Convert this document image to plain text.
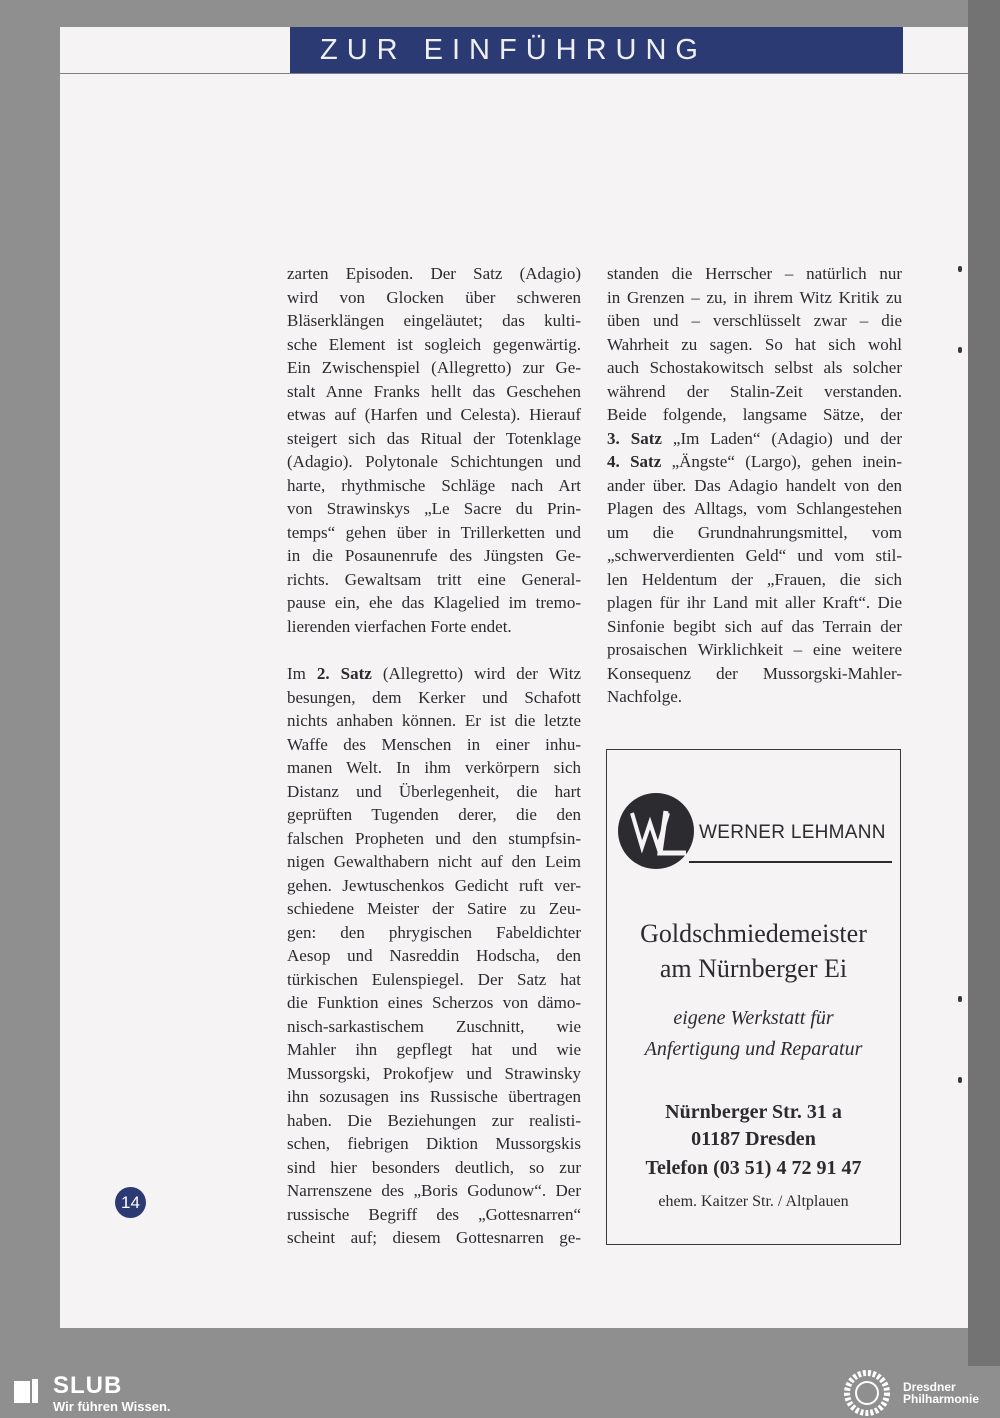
ZUR EINFÜHRUNG

zarten Episoden. Der Satz (Adagio)
wird von Glocken über schweren
Bläserklängen eingeläutet; das kulti-
sche Element ist sogleich gegenwärtig.
Ein Zwischenspiel (Allegretto) zur Ge-
stalt Anne Franks hellt das Geschehen
etwas auf (Harfen und Celesta). Hierauf
steigert sich das Ritual der Totenklage
(Adagio). Polytonale Schichtungen und
harte, rhythmische Schläge nach Art
von Strawinskys „Le Sacre du Prin-
temps“ gehen über in Trillerketten und
in die Posaunenrufe des Jüngsten Ge-
richts. Gewaltsam tritt eine General-
pause ein, ehe das Klagelied im tremo-
lierenden vierfachen Forte endet.

Im 2. Satz (Allegretto) wird der Witz
besungen, dem Kerker und Schafott
nichts anhaben können. Er ist die letzte
Waffe des Menschen in einer inhu-
manen Welt. In ihm verkörpern sich
Distanz und Überlegenheit, die hart
geprüften Tugenden derer, die den
falschen Propheten und den stumpfsin-
nigen Gewalthabern nicht auf den Leim
gehen. Jewtuschenkos Gedicht ruft ver-
schiedene Meister der Satire zu Zeu-
gen: den phrygischen Fabeldichter
Aesop und Nasreddin Hodscha, den
türkischen Eulenspiegel. Der Satz hat
die Funktion eines Scherzos von dämo-
nisch-sarkastischem Zuschnitt, wie
Mahler ihn gepflegt hat und wie
Mussorgski, Prokofjew und Strawinsky
ihn sozusagen ins Russische übertragen
haben. Die Beziehungen zur realisti-
schen, fiebrigen Diktion Mussorgskis
sind hier besonders deutlich, so zur
Narrenszene des „Boris Godunow“. Der
russische Begriff des „Gottesnarren“
scheint auf; diesem Gottesnarren ge-

standen die Herrscher – natürlich nur
in Grenzen – zu, in ihrem Witz Kritik zu
üben und – verschlüsselt zwar – die
Wahrheit zu sagen. So hat sich wohl
auch Schostakowitsch selbst als solcher
während der Stalin-Zeit verstanden.
Beide folgende, langsame Sätze, der
3. Satz „Im Laden“ (Adagio) und der
4. Satz „Ängste“ (Largo), gehen inein-
ander über. Das Adagio handelt von den
Plagen des Alltags, vom Schlangestehen
um die Grundnahrungsmittel, vom
„schwerverdienten Geld“ und vom stil-
len Heldentum der „Frauen, die sich
plagen für ihr Land mit aller Kraft“. Die
Sinfonie begibt sich auf das Terrain der
prosaischen Wirklichkeit – eine weitere
Konsequenz der Mussorgski-Mahler-
Nachfolge.

14
WERNER LEHMANN
Goldschmiedemeister
am Nürnberger Ei
eigene Werkstatt für
Anfertigung und Reparatur
Nürnberger Str. 31 a
01187 Dresden
Telefon (03 51) 4 72 91 47
ehem. Kaitzer Str. / Altplauen
SLUB
Wir führen Wissen.
Dresdner
Philharmonie
